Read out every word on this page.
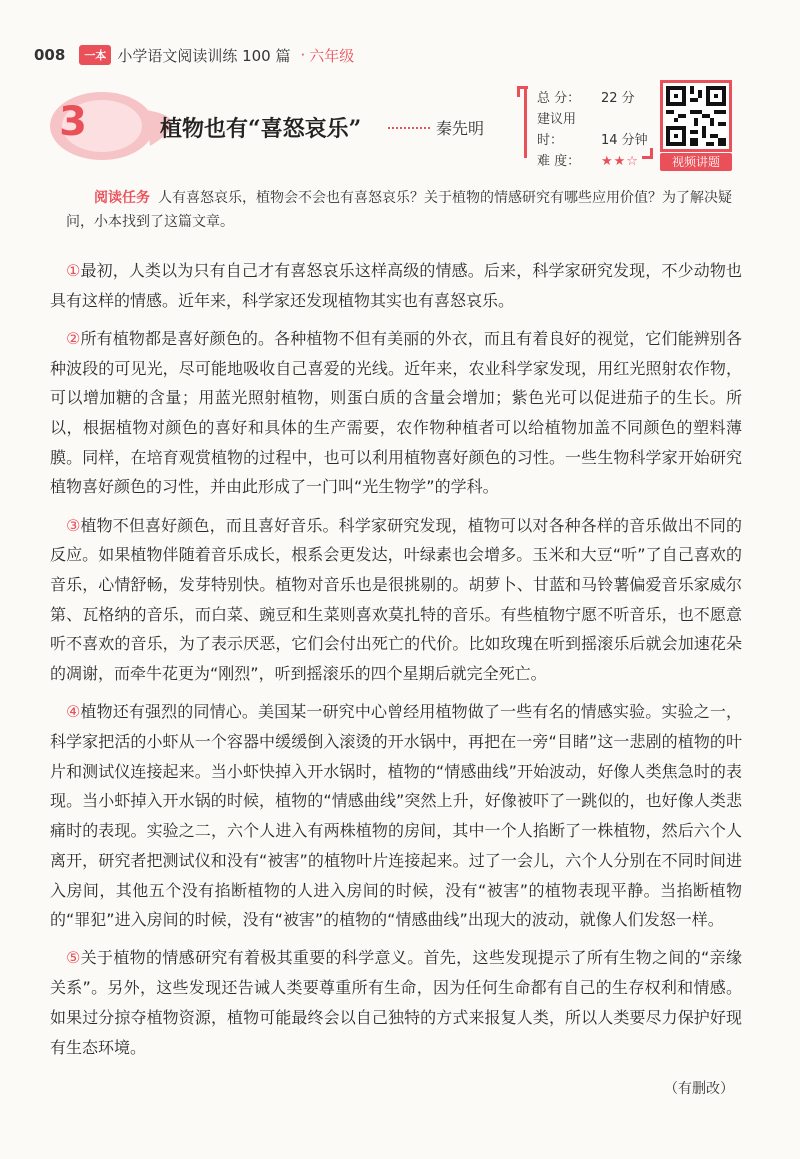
008	一本 小学语文阅读训练 100 篇 · 六年级
3	植物也有“喜怒哀乐”	秦先明
总 分： 22 分
建议用时：	14 分钟
难 度： ★★☆	视频讲题
阅读任务 人有喜怒哀乐，植物会不会也有喜怒哀乐？关于植物的情感研究有哪些应用价值？为了解决疑问，小本找到了这篇文章。

①最初，人类以为只有自己才有喜怒哀乐这样高级的情感。后来，科学家研究发现，不少动物也具有这样的情感。近年来，科学家还发现植物其实也有喜怒哀乐。

②所有植物都是喜好颜色的。各种植物不但有美丽的外衣，而且有着良好的视觉，它们能辨别各种波段的可见光，尽可能地吸收自己喜爱的光线。近年来，农业科学家发现，用红光照射农作物，可以增加糖的含量；用蓝光照射植物，则蛋白质的含量会增加；紫色光可以促进茄子的生长。所以，根据植物对颜色的喜好和具体的生产需要，农作物种植者可以给植物加盖不同颜色的塑料薄膜。同样，在培育观赏植物的过程中，也可以利用植物喜好颜色的习性。一些生物科学家开始研究植物喜好颜色的习性，并由此形成了一门叫“光生物学”的学科。

③植物不但喜好颜色，而且喜好音乐。科学家研究发现，植物可以对各种各样的音乐做出不同的反应。如果植物伴随着音乐成长，根系会更发达，叶绿素也会增多。玉米和大豆“听”了自己喜欢的音乐，心情舒畅，发芽特别快。植物对音乐也是很挑剔的。胡萝卜、甘蓝和马铃薯偏爱音乐家威尔第、瓦格纳的音乐，而白菜、豌豆和生菜则喜欢莫扎特的音乐。有些植物宁愿不听音乐，也不愿意听不喜欢的音乐，为了表示厌恶，它们会付出死亡的代价。比如玫瑰在听到摇滚乐后就会加速花朵的凋谢，而牵牛花更为“刚烈”，听到摇滚乐的四个星期后就完全死亡。

④植物还有强烈的同情心。美国某一研究中心曾经用植物做了一些有名的情感实验。实验之一，科学家把活的小虾从一个容器中缓缓倒入滚烫的开水锅中，再把在一旁“目睹”这一悲剧的植物的叶片和测试仪连接起来。当小虾快掉入开水锅时，植物的“情感曲线”开始波动，好像人类焦急时的表现。当小虾掉入开水锅的时候，植物的“情感曲线”突然上升，好像被吓了一跳似的，也好像人类悲痛时的表现。实验之二，六个人进入有两株植物的房间，其中一个人掐断了一株植物，然后六个人离开，研究者把测试仪和没有“被害”的植物叶片连接起来。过了一会儿，六个人分别在不同时间进入房间，其他五个没有掐断植物的人进入房间的时候，没有“被害”的植物表现平静。当掐断植物的“罪犯”进入房间的时候，没有“被害”的植物的“情感曲线”出现大的波动，就像人们发怒一样。

⑤关于植物的情感研究有着极其重要的科学意义。首先，这些发现提示了所有生物之间的“亲缘关系”。另外，这些发现还告诫人类要尊重所有生命，因为任何生命都有自己的生存权利和情感。如果过分掠夺植物资源，植物可能最终会以自己独特的方式来报复人类，所以人类要尽力保护好现有生态环境。

（有删改）
